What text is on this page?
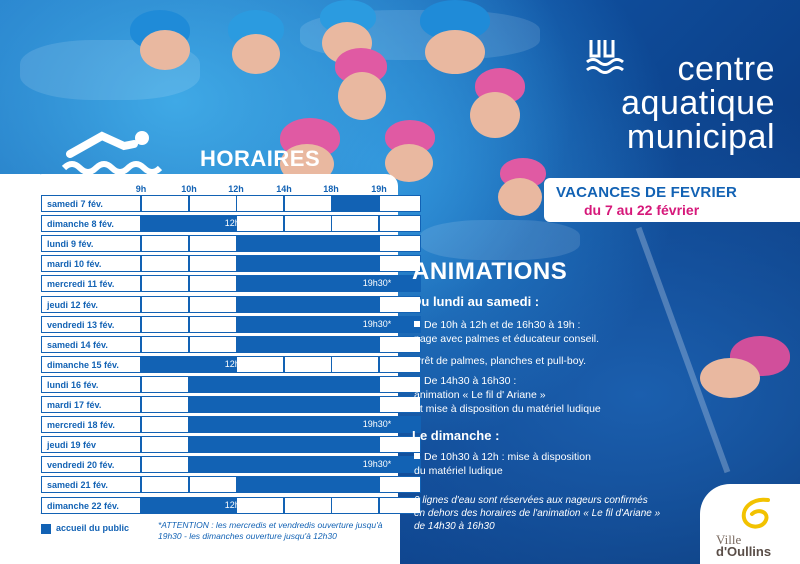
centre
aquatique
municipal
VACANCES DE FEVRIER
du 7 au 22 février
HORAIRES
9h	10h	12h	14h	18h	19h
samedi 7 fév.
dimanche 8 fév.	12h30*
lundi 9 fév.
mardi 10 fév.
mercredi 11 fév.	19h30*
jeudi 12 fév.
vendredi 13 fév.	19h30*
samedi 14 fév.
dimanche 15 fév.	12h30*
lundi 16 fév.
mardi 17 fév.
mercredi 18 fév.	19h30*
jeudi 19 fév
vendredi 20 fév.	19h30*
samedi 21 fév.
dimanche 22 fév.	12h30*
accueil du public	*ATTENTION : les mercredis et vendredis ouverture jusqu'à 19h30 - les dimanches ouverture jusqu'à 12h30
ANIMATIONS
Du lundi au samedi :
De 10h à 12h et de 16h30 à 19h :
nage avec palmes et éducateur conseil.
Prêt de palmes, planches et pull-boy.
De 14h30 à 16h30 :
animation « Le fil d' Ariane »
et mise à disposition du matériel ludique
Le dimanche :
De 10h30 à 12h : mise à disposition
du matériel ludique
2 lignes d'eau sont réservées aux nageurs confirmés
en dehors des horaires de l'animation « Le fil d'Ariane »
de 14h30 à 16h30
Ville
d'Oullins
